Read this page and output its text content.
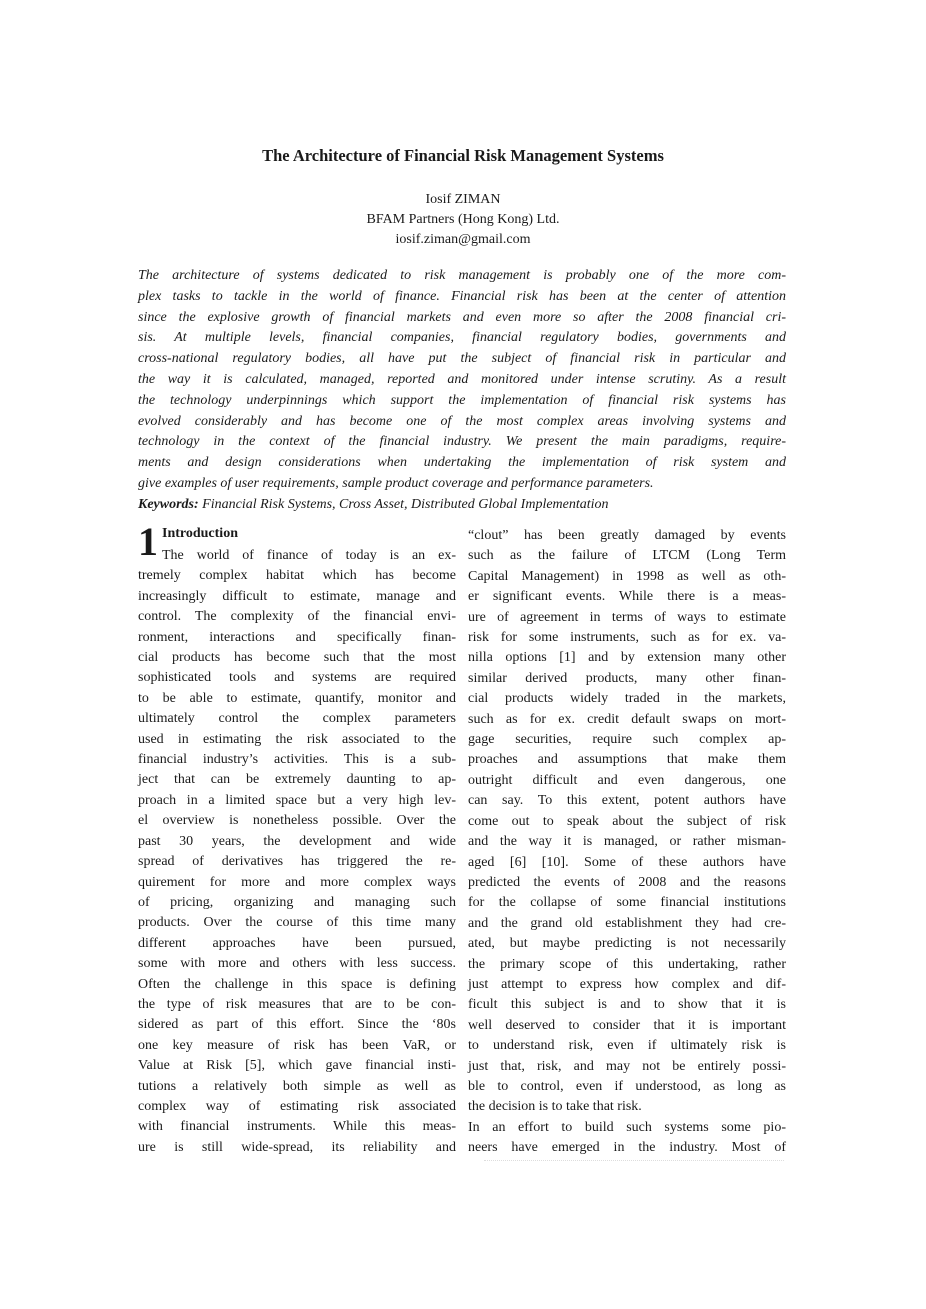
The Architecture of Financial Risk Management Systems
Iosif ZIMAN
BFAM Partners (Hong Kong) Ltd.
iosif.ziman@gmail.com
The architecture of systems dedicated to risk management is probably one of the more com-
plex tasks to tackle in the world of finance. Financial risk has been at the center of attention
since the explosive growth of financial markets and even more so after the 2008 financial cri-
sis. At multiple levels, financial companies, financial regulatory bodies, governments and
cross-national regulatory bodies, all have put the subject of financial risk in particular and
the way it is calculated, managed, reported and monitored under intense scrutiny. As a result
the technology underpinnings which support the implementation of financial risk systems has
evolved considerably and has become one of the most complex areas involving systems and
technology in the context of the financial industry. We present the main paradigms, require-
ments and design considerations when undertaking the implementation of risk system and
give examples of user requirements, sample product coverage and performance parameters.
Keywords: Financial Risk Systems, Cross Asset, Distributed Global Implementation
1 Introduction
The world of finance of today is an ex-
tremely complex habitat which has become
increasingly difficult to estimate, manage and
control. The complexity of the financial envi-
ronment, interactions and specifically finan-
cial products has become such that the most
sophisticated tools and systems are required
to be able to estimate, quantify, monitor and
ultimately control the complex parameters
used in estimating the risk associated to the
financial industry’s activities. This is a sub-
ject that can be extremely daunting to ap-
proach in a limited space but a very high lev-
el overview is nonetheless possible. Over the
past 30 years, the development and wide
spread of derivatives has triggered the re-
quirement for more and more complex ways
of pricing, organizing and managing such
products. Over the course of this time many
different approaches have been pursued,
some with more and others with less success.
Often the challenge in this space is defining
the type of risk measures that are to be con-
sidered as part of this effort. Since the ‘80s
one key measure of risk has been VaR, or
Value at Risk [5], which gave financial insti-
tutions a relatively both simple as well as
complex way of estimating risk associated
with financial instruments. While this meas-
ure is still wide-spread, its reliability and
“clout” has been greatly damaged by events
such as the failure of LTCM (Long Term
Capital Management) in 1998 as well as oth-
er significant events. While there is a meas-
ure of agreement in terms of ways to estimate
risk for some instruments, such as for ex. va-
nilla options [1] and by extension many other
similar derived products, many other finan-
cial products widely traded in the markets,
such as for ex. credit default swaps on mort-
gage securities, require such complex ap-
proaches and assumptions that make them
outright difficult and even dangerous, one
can say. To this extent, potent authors have
come out to speak about the subject of risk
and the way it is managed, or rather misman-
aged [6] [10]. Some of these authors have
predicted the events of 2008 and the reasons
for the collapse of some financial institutions
and the grand old establishment they had cre-
ated, but maybe predicting is not necessarily
the primary scope of this undertaking, rather
just attempt to express how complex and dif-
ficult this subject is and to show that it is
well deserved to consider that it is important
to understand risk, even if ultimately risk is
just that, risk, and may not be entirely possi-
ble to control, even if understood, as long as
the decision is to take that risk.
In an effort to build such systems some pio-
neers have emerged in the industry. Most of
